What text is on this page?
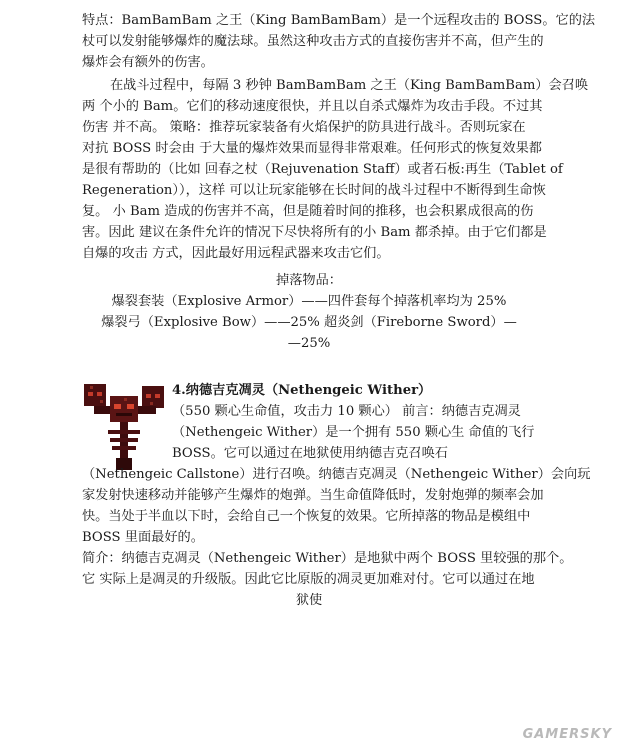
特点：BamBamBam 之王（King BamBamBam）是一个远程攻击的 BOSS。它的法
杖可以发射能够爆炸的魔法球。虽然这种攻击方式的直接伤害并不高，但产生的
爆炸会有额外的伤害。
在战斗过程中，每隔 3 秒钟 BamBamBam 之王（King BamBamBam）会召唤
两 个小的 Bam。它们的移动速度很快，并且以自杀式爆炸为攻击手段。不过其
伤害 并不高。 策略：推荐玩家装备有火焰保护的防具进行战斗。否则玩家在
对抗 BOSS 时会由 于大量的爆炸效果而显得非常艰难。任何形式的恢复效果都
是很有帮助的（比如 回春之杖（Rejuvenation Staff）或者石板:再生（Tablet of
Regeneration）），这样 可以让玩家能够在长时间的战斗过程中不断得到生命恢
复。 小 Bam 造成的伤害并不高，但是随着时间的推移，也会积累成很高的伤
害。因此 建议在条件允许的情况下尽快将所有的小 Bam 都杀掉。由于它们都是
自爆的攻击 方式，因此最好用远程武器来攻击它们。
掉落物品：
爆裂套装（Explosive Armor）——四件套每个掉落机率均为 25%
爆裂弓（Explosive Bow）——25% 超炎剑（Fireborne Sword）—
—25%
4.纳德吉克凋灵（Nethengeic Wither）
（550 颗心生命值，攻击力 10 颗心） 前言：纳德吉克凋灵
（Nethengeic Wither）是一个拥有 550 颗心生 命值的飞行
BOSS。它可以通过在地狱使用纳德吉克召唤石
（Nethengeic Callstone）进行召唤。纳德吉克凋灵（Nethengeic Wither）会向玩
家发射快速移动并能够产生爆炸的炮弹。当生命值降低时，发射炮弹的频率会加
快。当处于半血以下时，会给自己一个恢复的效果。它所掉落的物品是模组中
BOSS 里面最好的。
简介：纳德吉克凋灵（Nethengeic Wither）是地狱中两个 BOSS 里较强的那个。
它 实际上是凋灵的升级版。因此它比原版的凋灵更加难对付。它可以通过在地
狱使
GAMERSKY
